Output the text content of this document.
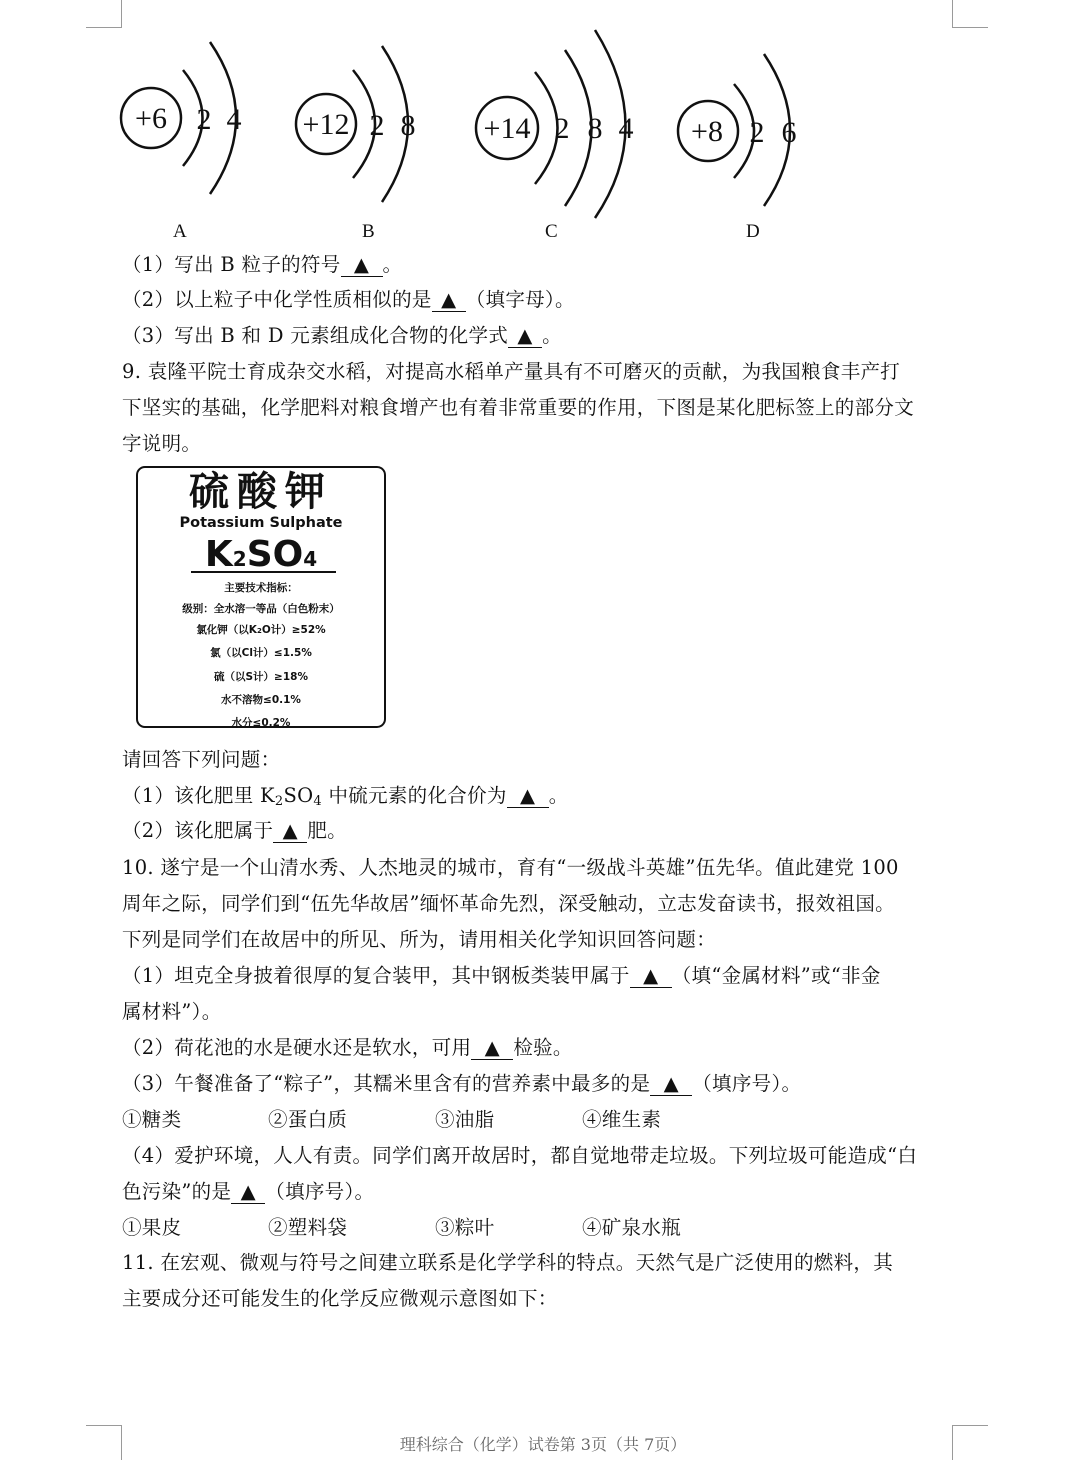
+6 2 4 +12 2 8 +14 2 8 4 +8 2 6
A	B	C	D
（1）写出 B 粒子的符号 ▲ 。
（2）以上粒子中化学性质相似的是 ▲ （填字母）。
（3）写出 B 和 D 元素组成化合物的化学式 ▲ 。
9. 袁隆平院士育成杂交水稻，对提高水稻单产量具有不可磨灭的贡献，为我国粮食丰产打
下坚实的基础，化学肥料对粮食增产也有着非常重要的作用，下图是某化肥标签上的部分文
字说明。
硫酸钾
Potassium Sulphate
K2SO4
主要技术指标：
级别：全水溶一等品（白色粉末）
氯化钾（以K2O计）≥52%
氯（以Cl计）≤1.5%
硫（以S计）≥18%
水不溶物≤0.1%
水分≤0.2%
请回答下列问题：
（1）该化肥里 $K_2SO_4$ 中硫元素的化合价为 ▲ 。
（2）该化肥属于 ▲ 肥。
10. 遂宁是一个山清水秀、人杰地灵的城市，育有“一级战斗英雄”伍先华。值此建党 100
周年之际，同学们到“伍先华故居”缅怀革命先烈，深受触动，立志发奋读书，报效祖国。
下列是同学们在故居中的所见、所为，请用相关化学知识回答问题：
（1）坦克全身披着很厚的复合装甲，其中钢板类装甲属于 ▲ （填“金属材料”或“非金
属材料”）。
（2）荷花池的水是硬水还是软水，可用 ▲ 检验。
（3）午餐准备了“粽子”，其糯米里含有的营养素中最多的是 ▲ （填序号）。
①糖类	②蛋白质	③油脂	④维生素
（4）爱护环境，人人有责。同学们离开故居时，都自觉地带走垃圾。下列垃圾可能造成“白
色污染”的是 ▲ （填序号）。
①果皮	②塑料袋	③粽叶	④矿泉水瓶
11. 在宏观、微观与符号之间建立联系是化学学科的特点。天然气是广泛使用的燃料，其
主要成分还可能发生的化学反应微观示意图如下：
理科综合（化学）试卷第 3页（共 7页）
